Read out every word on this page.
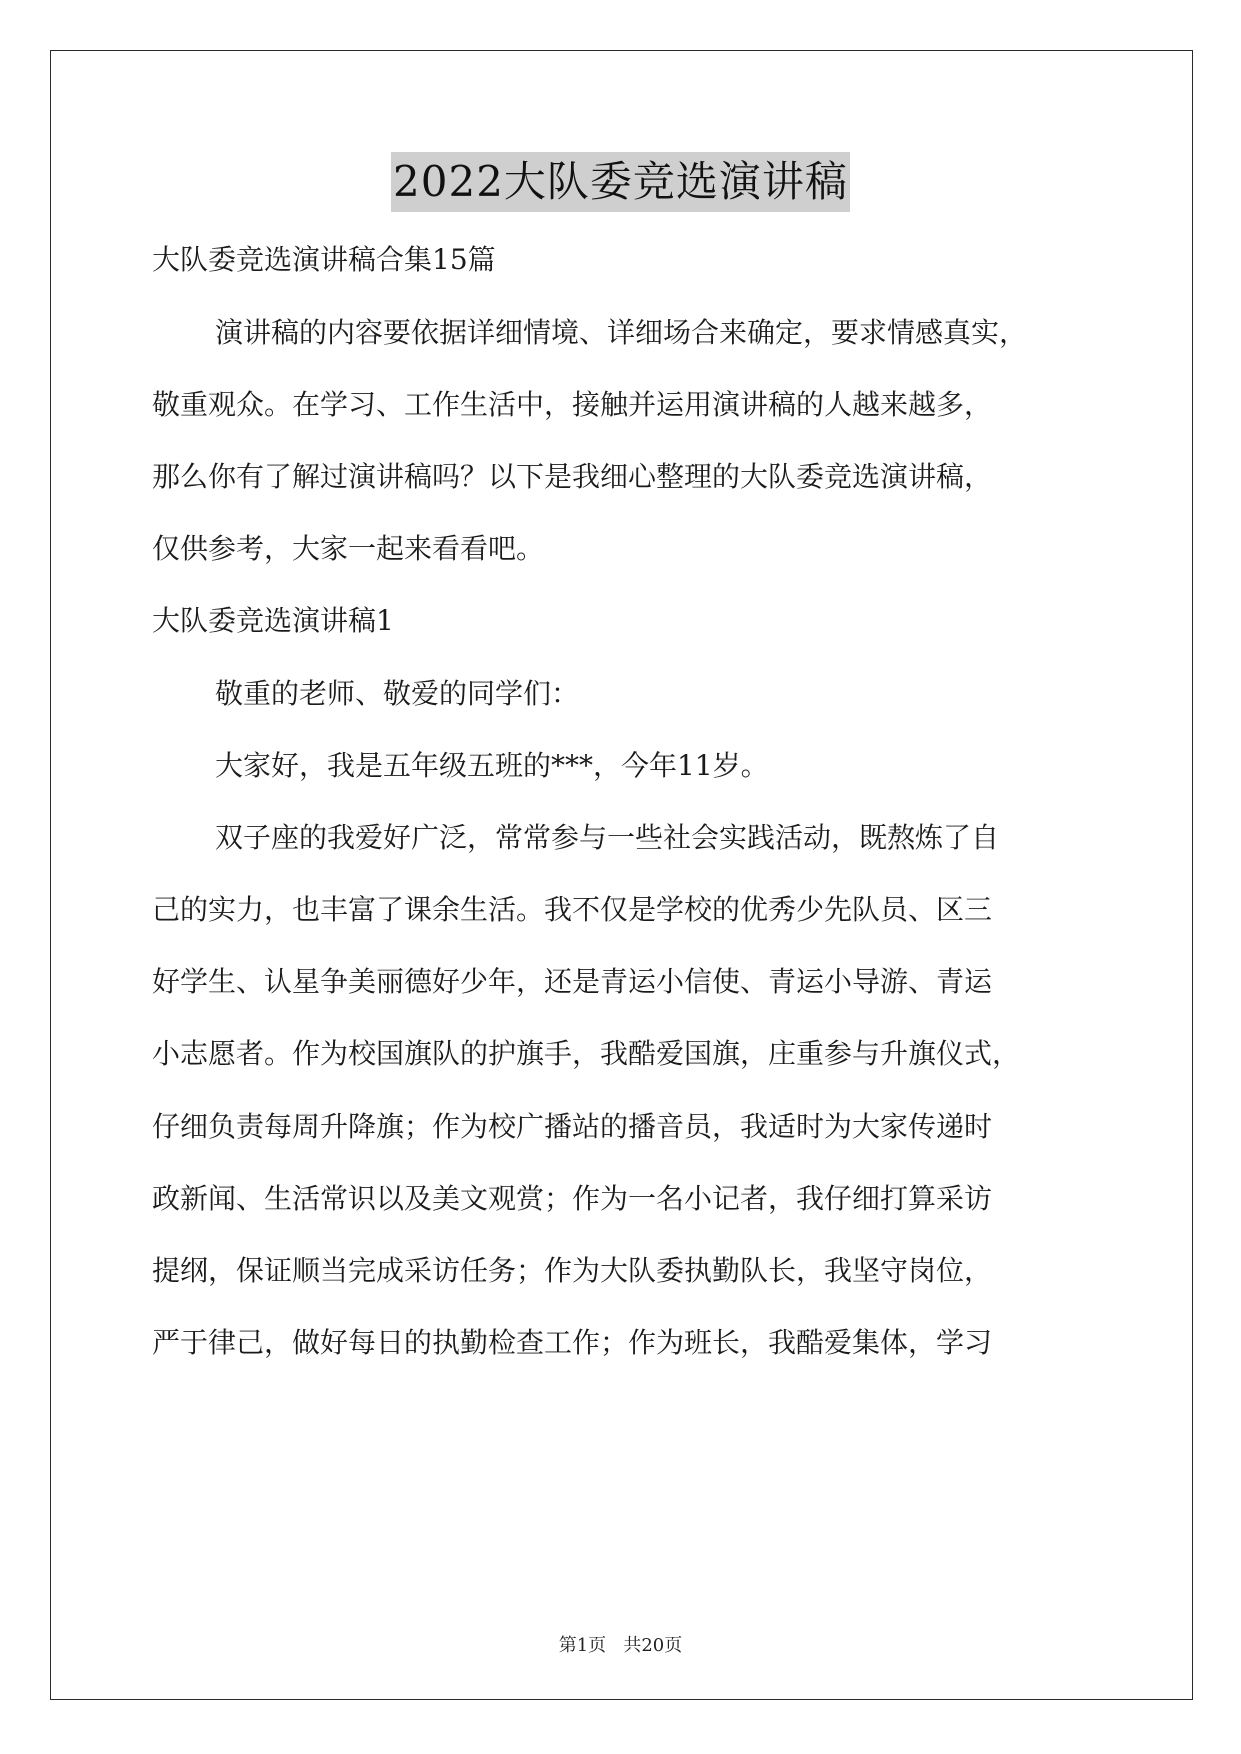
2022大队委竞选演讲稿
大队委竞选演讲稿合集15篇
演讲稿的内容要依据详细情境、详细场合来确定，要求情感真实，
敬重观众。在学习、工作生活中，接触并运用演讲稿的人越来越多，
那么你有了解过演讲稿吗？以下是我细心整理的大队委竞选演讲稿，
仅供参考，大家一起来看看吧。
大队委竞选演讲稿1
敬重的老师、敬爱的同学们：
大家好，我是五年级五班的***，今年11岁。
双子座的我爱好广泛，常常参与一些社会实践活动，既熬炼了自
己的实力，也丰富了课余生活。我不仅是学校的优秀少先队员、区三
好学生、认星争美丽德好少年，还是青运小信使、青运小导游、青运
小志愿者。作为校国旗队的护旗手，我酷爱国旗，庄重参与升旗仪式，
仔细负责每周升降旗；作为校广播站的播音员，我适时为大家传递时
政新闻、生活常识以及美文观赏；作为一名小记者，我仔细打算采访
提纲，保证顺当完成采访任务；作为大队委执勤队长，我坚守岗位，
严于律己，做好每日的执勤检查工作；作为班长，我酷爱集体，学习
第1页 共20页
